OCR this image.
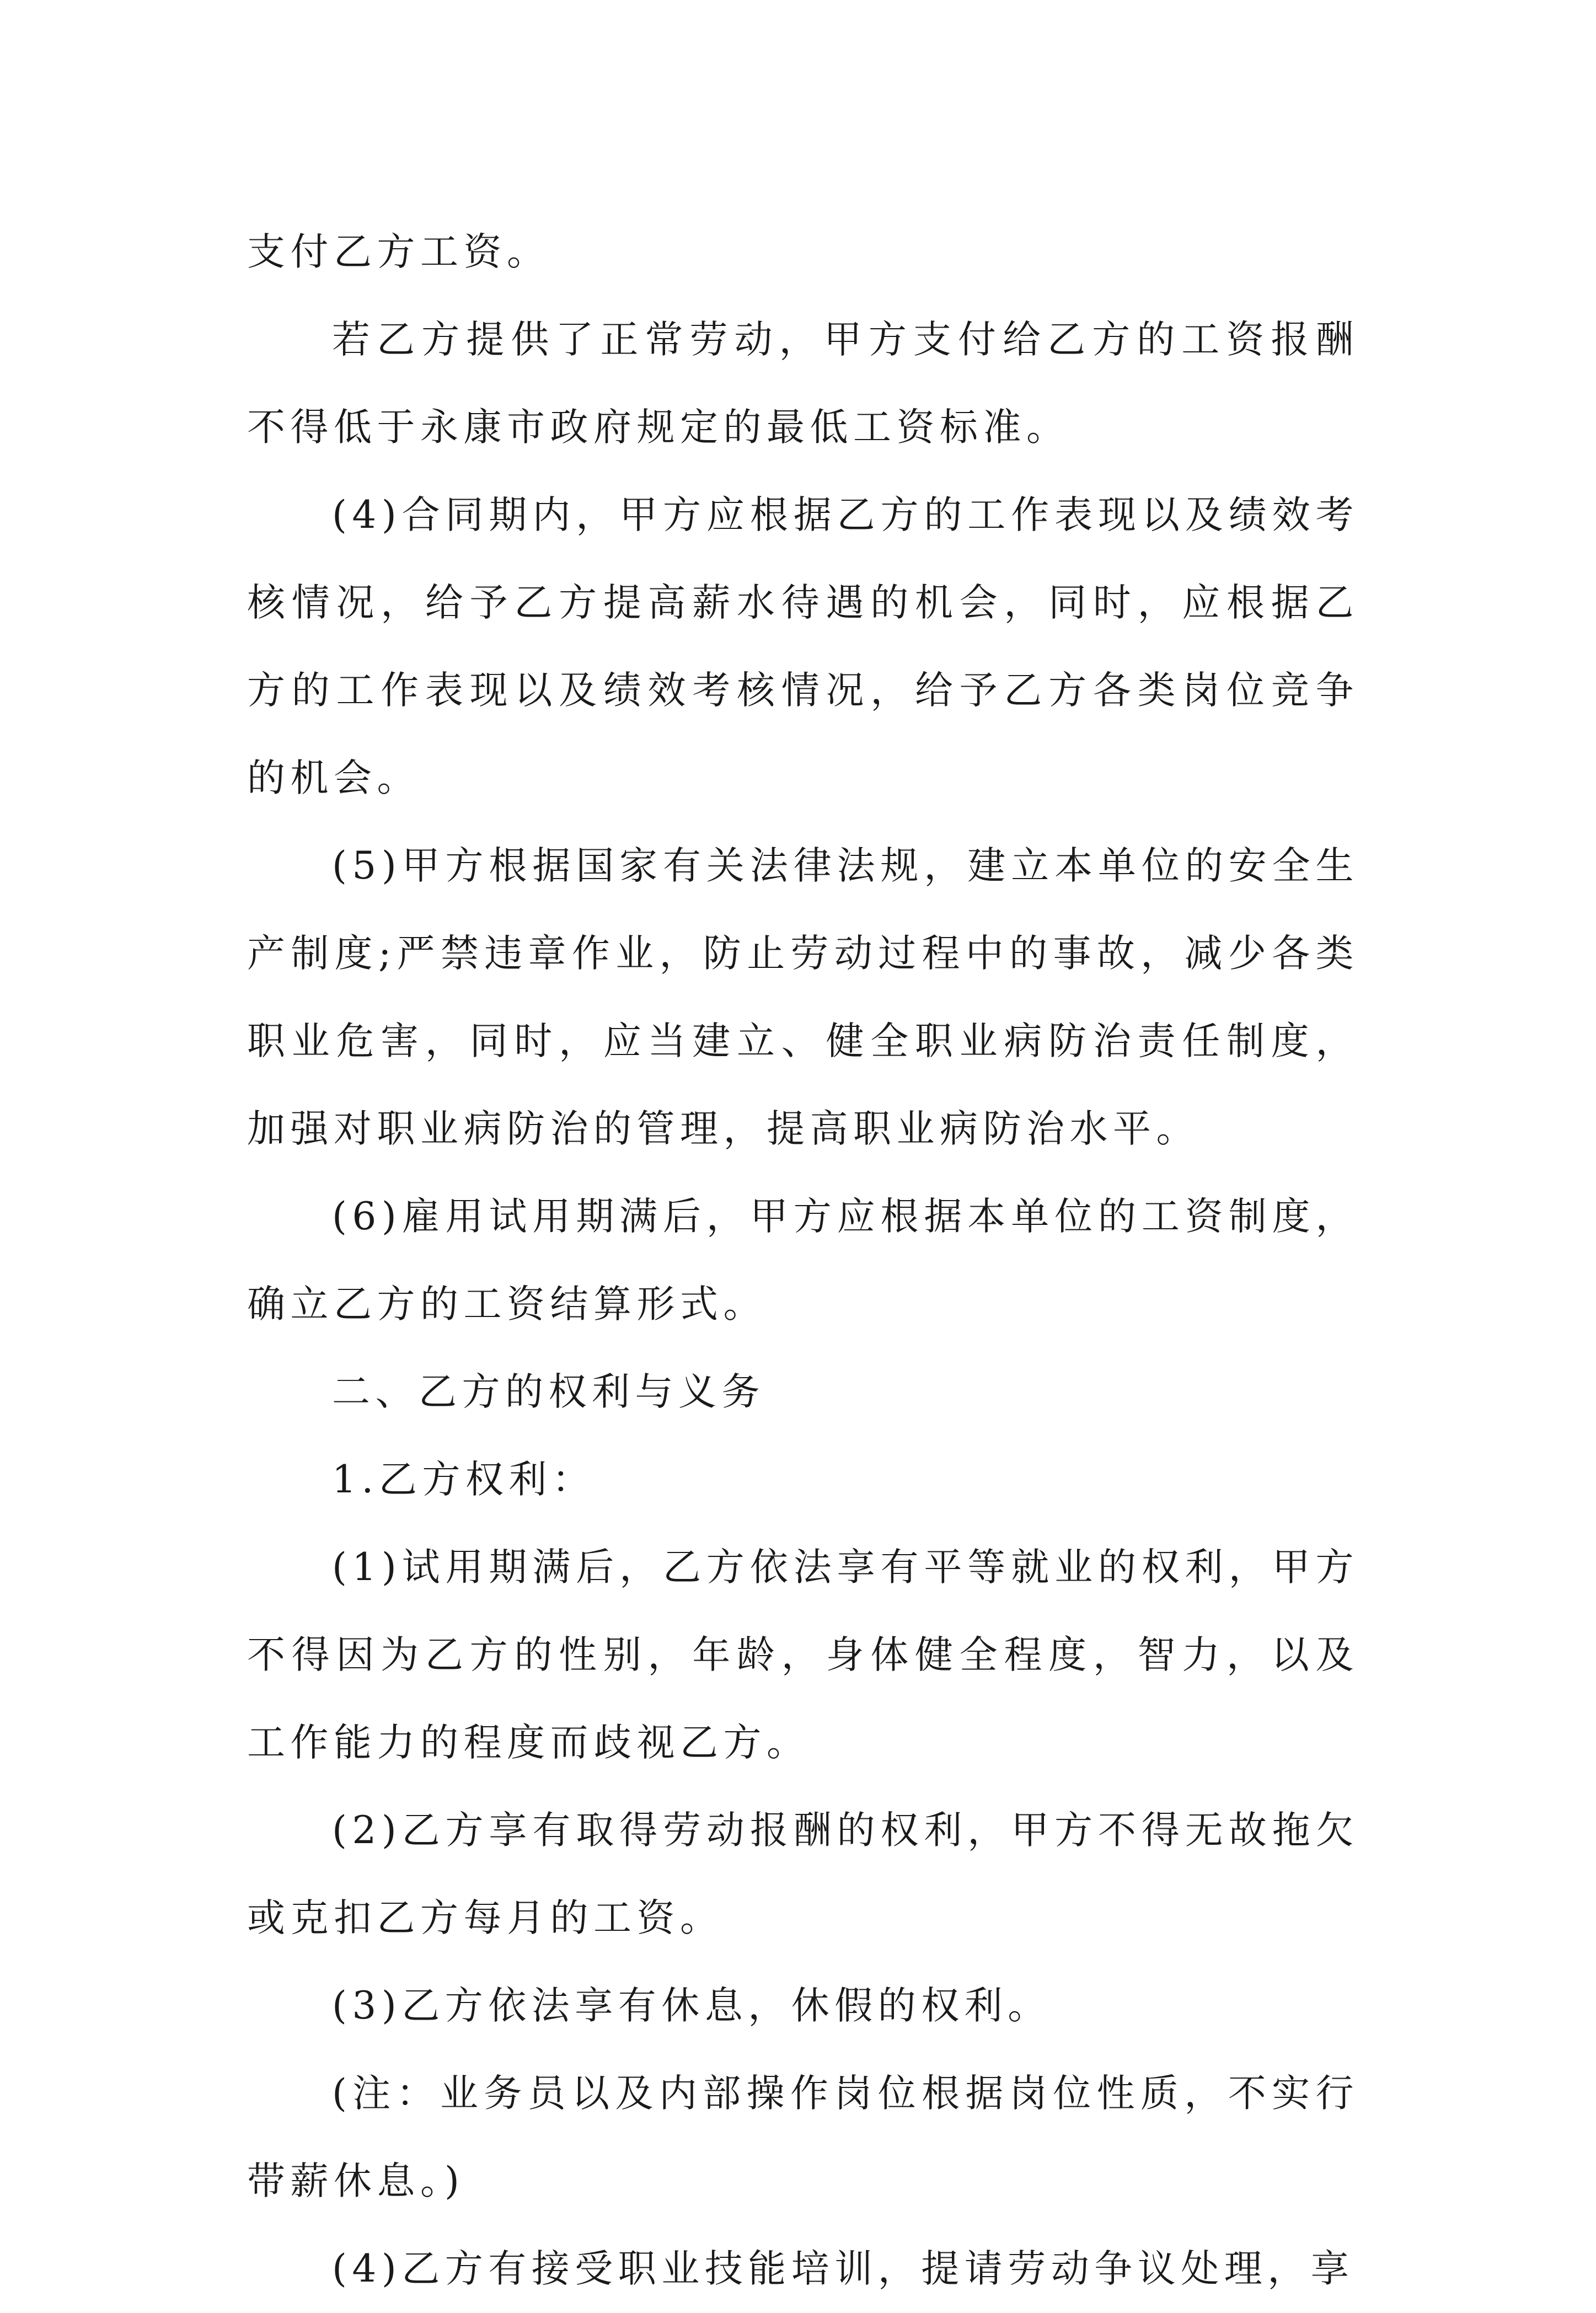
支付乙方工资。

若乙方提供了正常劳动，甲方支付给乙方的工资报酬不得低于永康市政府规定的最低工资标准。

(4)合同期内，甲方应根据乙方的工作表现以及绩效考核情况，给予乙方提高薪水待遇的机会，同时，应根据乙方的工作表现以及绩效考核情况，给予乙方各类岗位竞争的机会。

(5)甲方根据国家有关法律法规，建立本单位的安全生产制度;严禁违章作业，防止劳动过程中的事故，减少各类职业危害，同时，应当建立、健全职业病防治责任制度，加强对职业病防治的管理，提高职业病防治水平。

(6)雇用试用期满后，甲方应根据本单位的工资制度，确立乙方的工资结算形式。

二、乙方的权利与义务

1.乙方权利：

(1)试用期满后，乙方依法享有平等就业的权利，甲方不得因为乙方的性别，年龄，身体健全程度，智力，以及工作能力的程度而歧视乙方。

(2)乙方享有取得劳动报酬的权利，甲方不得无故拖欠或克扣乙方每月的工资。

(3)乙方依法享有休息，休假的权利。

(注：业务员以及内部操作岗位根据岗位性质，不实行带薪休息。)

(4)乙方有接受职业技能培训，提请劳动争议处理，享
